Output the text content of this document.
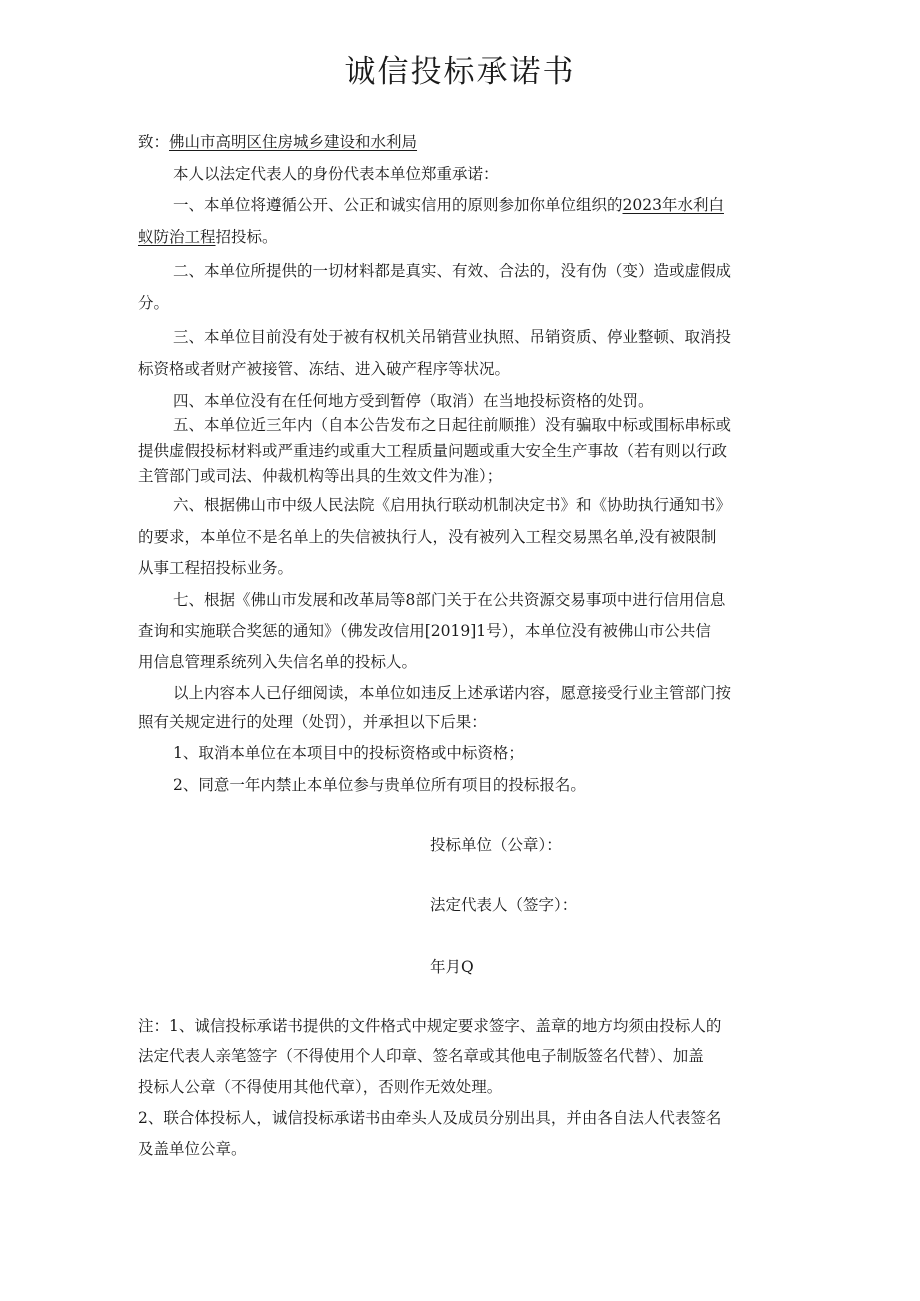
诚信投标承诺书
致：佛山市高明区住房城乡建设和水利局
本人以法定代表人的身份代表本单位郑重承诺：
一、本单位将遵循公开、公正和诚实信用的原则参加你单位组织的2023年水利白
蚁防治工程招投标。
二、本单位所提供的一切材料都是真实、有效、合法的，没有伪（变）造或虚假成
分。
三、本单位目前没有处于被有权机关吊销营业执照、吊销资质、停业整顿、取消投
标资格或者财产被接管、冻结、进入破产程序等状况。
四、本单位没有在任何地方受到暂停（取消）在当地投标资格的处罚。
五、本单位近三年内（自本公告发布之日起往前顺推）没有骗取中标或围标串标或
提供虚假投标材料或严重违约或重大工程质量问题或重大安全生产事故（若有则以行政
主管部门或司法、仲裁机构等出具的生效文件为准）；
六、根据佛山市中级人民法院《启用执行联动机制决定书》和《协助执行通知书》
的要求，本单位不是名单上的失信被执行人，没有被列入工程交易黑名单,没有被限制
从事工程招投标业务。
七、根据《佛山市发展和改革局等8部门关于在公共资源交易事项中进行信用信息
查询和实施联合奖惩的通知》（佛发改信用[2019]1号），本单位没有被佛山市公共信
用信息管理系统列入失信名单的投标人。
以上内容本人已仔细阅读，本单位如违反上述承诺内容，愿意接受行业主管部门按
照有关规定进行的处理（处罚），并承担以下后果：
1、取消本单位在本项目中的投标资格或中标资格；
2、同意一年内禁止本单位参与贵单位所有项目的投标报名。
投标单位（公章）：
法定代表人（签字）：
年月Q
注：1、诚信投标承诺书提供的文件格式中规定要求签字、盖章的地方均须由投标人的
法定代表人亲笔签字（不得使用个人印章、签名章或其他电子制版签名代替）、加盖
投标人公章（不得使用其他代章），否则作无效处理。
2、联合体投标人，诚信投标承诺书由牵头人及成员分别出具，并由各自法人代表签名
及盖单位公章。
